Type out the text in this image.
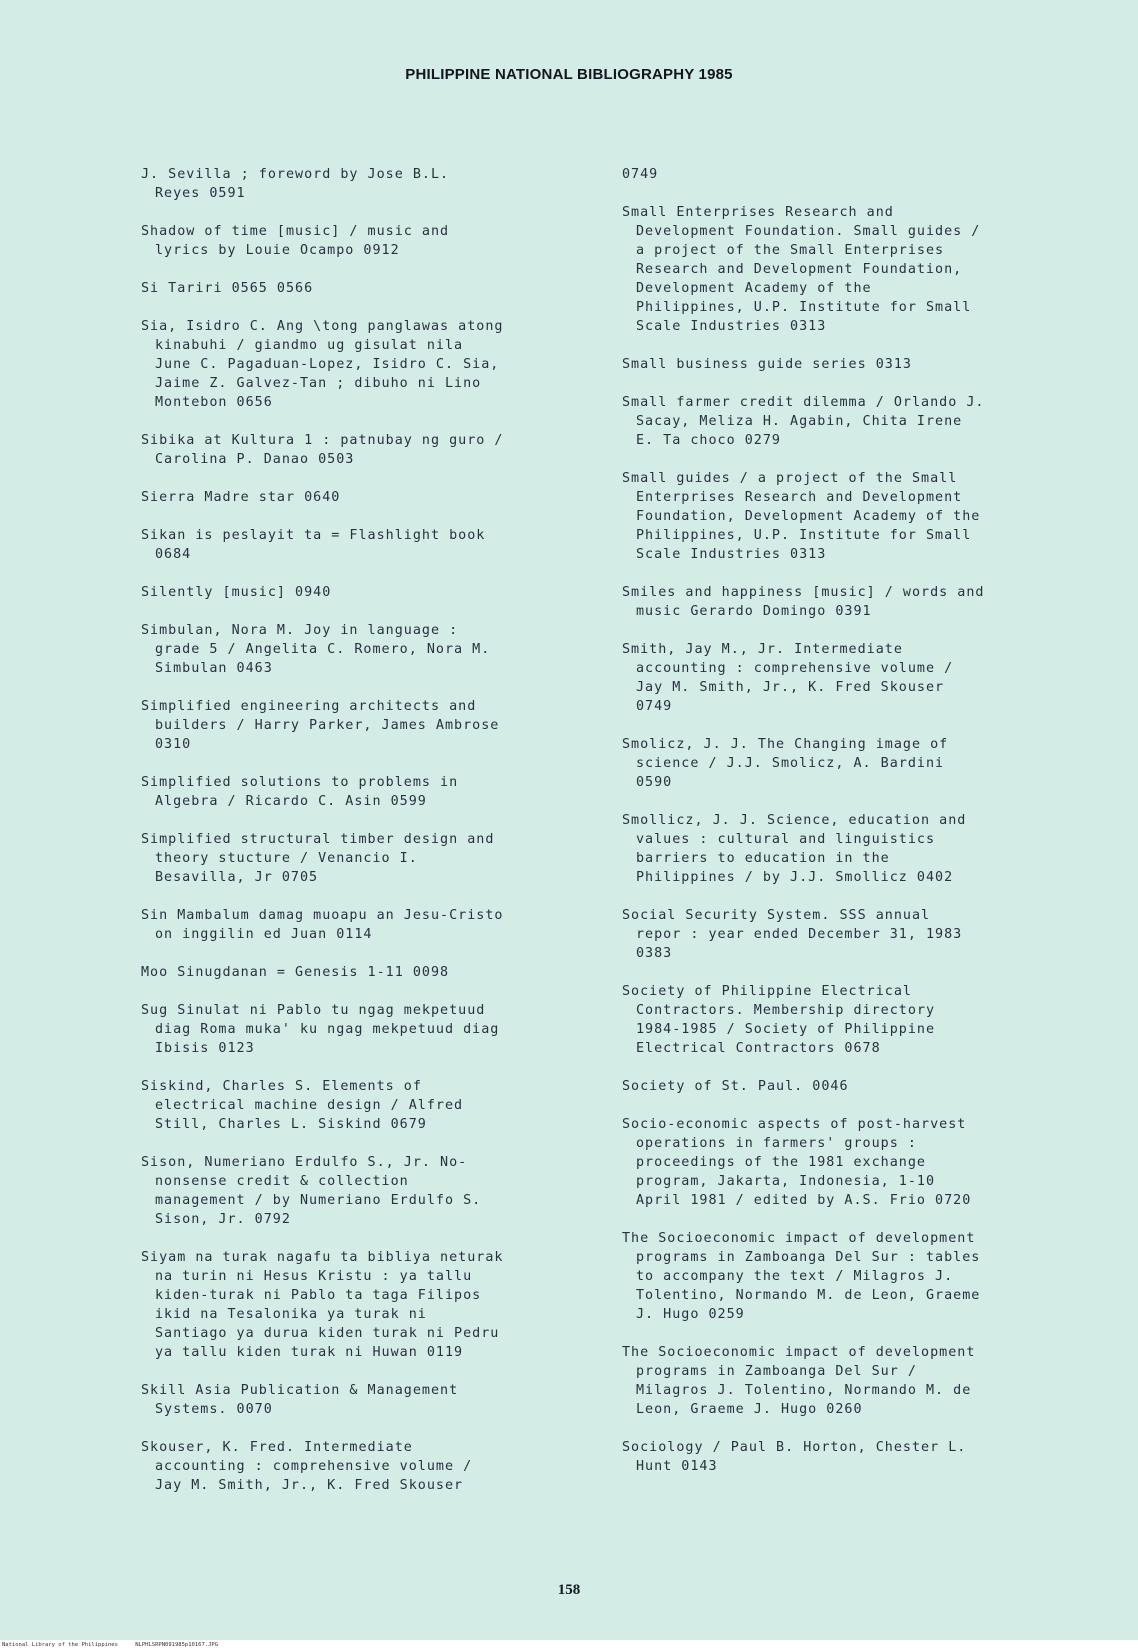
PHILIPPINE NATIONAL BIBLIOGRAPHY 1985
J. Sevilla ; foreword by Jose B.L.
Reyes 0591
Shadow of time [music] / music and
lyrics by Louie Ocampo 0912
Si Tariri 0565 0566
Sia, Isidro C. Ang \tong panglawas atong
kinabuhi / giandmo ug gisulat nila
June C. Pagaduan-Lopez, Isidro C. Sia,
Jaime Z. Galvez-Tan ; dibuho ni Lino
Montebon 0656
Sibika at Kultura 1 : patnubay ng guro /
Carolina P. Danao 0503
Sierra Madre star 0640
Sikan is peslayit ta = Flashlight book
0684
Silently [music] 0940
Simbulan, Nora M. Joy in language :
grade 5 / Angelita C. Romero, Nora M.
Simbulan 0463
Simplified engineering architects and
builders / Harry Parker, James Ambrose
0310
Simplified solutions to problems in
Algebra / Ricardo C. Asin 0599
Simplified structural timber design and
theory stucture / Venancio I.
Besavilla, Jr 0705
Sin Mambalum damag muoapu an Jesu-Cristo
on inggilin ed Juan 0114
Moo Sinugdanan = Genesis 1-11 0098
Sug Sinulat ni Pablo tu ngag mekpetuud
diag Roma muka' ku ngag mekpetuud diag
Ibisis 0123
Siskind, Charles S. Elements of
electrical machine design / Alfred
Still, Charles L. Siskind 0679
Sison, Numeriano Erdulfo S., Jr. No-
nonsense credit & collection
management / by Numeriano Erdulfo S.
Sison, Jr. 0792
Siyam na turak nagafu ta bibliya neturak
na turin ni Hesus Kristu : ya tallu
kiden-turak ni Pablo ta taga Filipos
ikid na Tesalonika ya turak ni
Santiago ya durua kiden turak ni Pedru
ya tallu kiden turak ni Huwan 0119
Skill Asia Publication & Management
Systems. 0070
Skouser, K. Fred. Intermediate
accounting : comprehensive volume /
Jay M. Smith, Jr., K. Fred Skouser
0749
Small Enterprises Research and
Development Foundation. Small guides /
a project of the Small Enterprises
Research and Development Foundation,
Development Academy of the
Philippines, U.P. Institute for Small
Scale Industries 0313
Small business guide series 0313
Small farmer credit dilemma / Orlando J.
Sacay, Meliza H. Agabin, Chita Irene
E. Ta choco 0279
Small guides / a project of the Small
Enterprises Research and Development
Foundation, Development Academy of the
Philippines, U.P. Institute for Small
Scale Industries 0313
Smiles and happiness [music] / words and
music Gerardo Domingo 0391
Smith, Jay M., Jr. Intermediate
accounting : comprehensive volume /
Jay M. Smith, Jr., K. Fred Skouser
0749
Smolicz, J. J. The Changing image of
science / J.J. Smolicz, A. Bardini
0590
Smollicz, J. J. Science, education and
values : cultural and linguistics
barriers to education in the
Philippines / by J.J. Smollicz 0402
Social Security System. SSS annual
repor : year ended December 31, 1983
0383
Society of Philippine Electrical
Contractors. Membership directory
1984-1985 / Society of Philippine
Electrical Contractors 0678
Society of St. Paul. 0046
Socio-economic aspects of post-harvest
operations in farmers' groups :
proceedings of the 1981 exchange
program, Jakarta, Indonesia, 1-10
April 1981 / edited by A.S. Frio 0720
The Socioeconomic impact of development
programs in Zamboanga Del Sur : tables
to accompany the text / Milagros J.
Tolentino, Normando M. de Leon, Graeme
J. Hugo 0259
The Socioeconomic impact of development
programs in Zamboanga Del Sur /
Milagros J. Tolentino, Normando M. de
Leon, Graeme J. Hugo 0260
Sociology / Paul B. Horton, Chester L.
Hunt 0143
158
National Library of the Philippines	NLPHLSRPN091985p10167.JPG
